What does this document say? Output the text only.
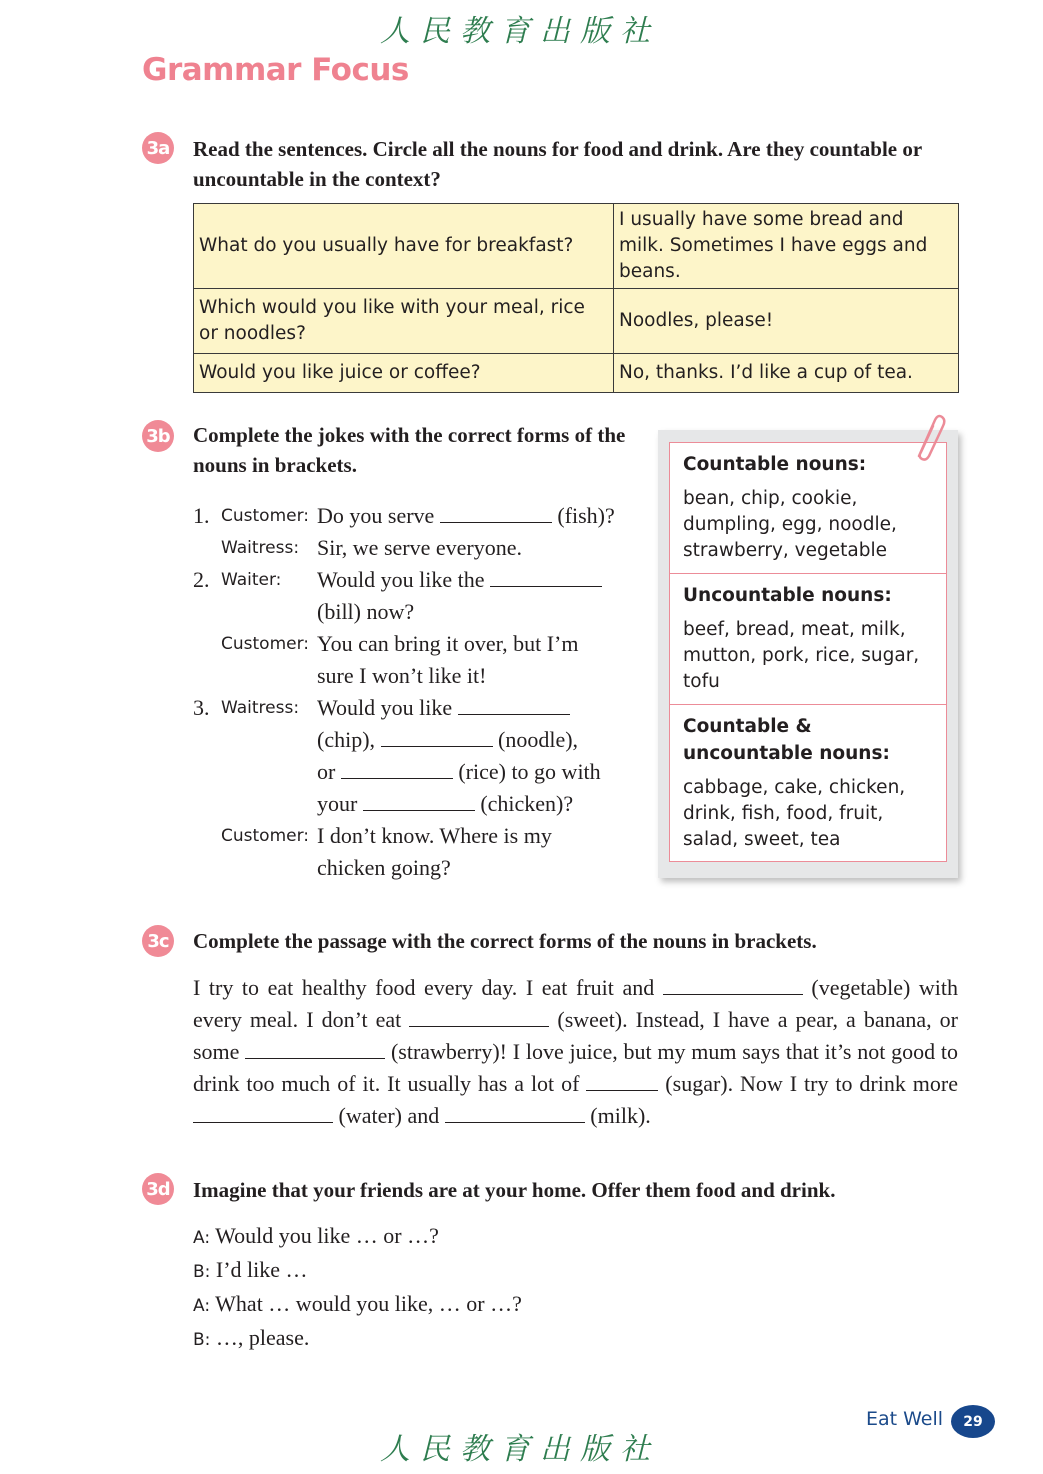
人民教育出版社
Grammar Focus
3a Read the sentences. Circle all the nouns for food and drink. Are they countable or uncountable in the context?
What do you usually have for breakfast?	I usually have some bread and milk. Sometimes I have eggs and beans.
Which would you like with your meal, rice or noodles?	Noodles, please!
Would you like juice or coffee?	No, thanks. I’d like a cup of tea.
3b Complete the jokes with the correct forms of the nouns in brackets.
1. Customer: Do you serve	(fish)?
Waitress: Sir, we serve everyone.
2. Waiter:	Would you like the
(bill) now?
Customer: You can bring it over, but I’m
sure I won’t like it!
3. Waitress: Would you like
(chip),	(noodle),
or	(rice) to go with
your	(chicken)?
Customer: I don’t know. Where is my
chicken going?
Countable nouns:
bean, chip, cookie, dumpling, egg, noodle, strawberry, vegetable
Uncountable nouns:
beef, bread, meat, milk, mutton, pork, rice, sugar, tofu
Countable & uncountable nouns:
cabbage, cake, chicken, drink, fish, food, fruit, salad, sweet, tea
3c Complete the passage with the correct forms of the nouns in brackets.
I try to eat healthy food every day. I eat fruit and	(vegetable) with every meal. I don’t eat	(sweet). Instead, I have a pear, a banana, or some	(strawberry)! I love juice, but my mum says that it’s not good to drink too much of it. It usually has a lot of	(sugar). Now I try to drink more  (water) and	(milk).
3d Imagine that your friends are at your home. Offer them food and drink.
A: Would you like … or …?
B: I’d like …
A: What … would you like, … or …?
B: …, please.
Eat Well	29
人民教育出版社
